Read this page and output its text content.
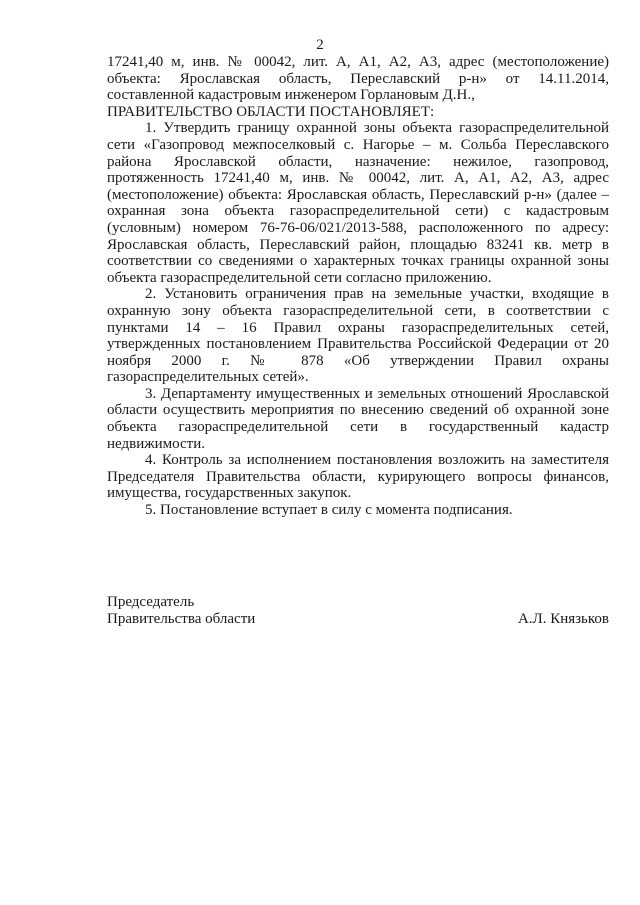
2

17241,40 м, инв. № 00042, лит. А, А1, А2, А3, адрес (местоположение) объекта: Ярославская область, Переславский р-н» от 14.11.2014, составленной кадастровым инженером Горлановым Д.Н.,

ПРАВИТЕЛЬСТВО ОБЛАСТИ ПОСТАНОВЛЯЕТ:

1. Утвердить границу охранной зоны объекта газораспределительной сети «Газопровод межпоселковый с. Нагорье – м. Сольба Переславского района Ярославской области, назначение: нежилое, газопровод, протяженность 17241,40 м, инв. № 00042, лит. А, А1, А2, А3, адрес (местоположение) объекта: Ярославская область, Переславский р-н» (далее – охранная зона объекта газораспределительной сети) с кадастровым (условным) номером 76-76-06/021/2013-588, расположенного по адресу: Ярославская область, Переславский район, площадью 83241 кв. метр в соответствии со сведениями о характерных точках границы охранной зоны объекта газораспределительной сети согласно приложению.

2. Установить ограничения прав на земельные участки, входящие в охранную зону объекта газораспределительной сети, в соответствии с пунктами 14 – 16 Правил охраны газораспределительных сетей, утвержденных постановлением Правительства Российской Федерации от 20 ноября 2000 г. № 878 «Об утверждении Правил охраны газораспределительных сетей».

3. Департаменту имущественных и земельных отношений Ярославской области осуществить мероприятия по внесению сведений об охранной зоне объекта газораспределительной сети в государственный кадастр недвижимости.

4. Контроль за исполнением постановления возложить на заместителя Председателя Правительства области, курирующего вопросы финансов, имущества, государственных закупок.

5. Постановление вступает в силу с момента подписания.

Председатель
Правительства области	А.Л. Князьков
